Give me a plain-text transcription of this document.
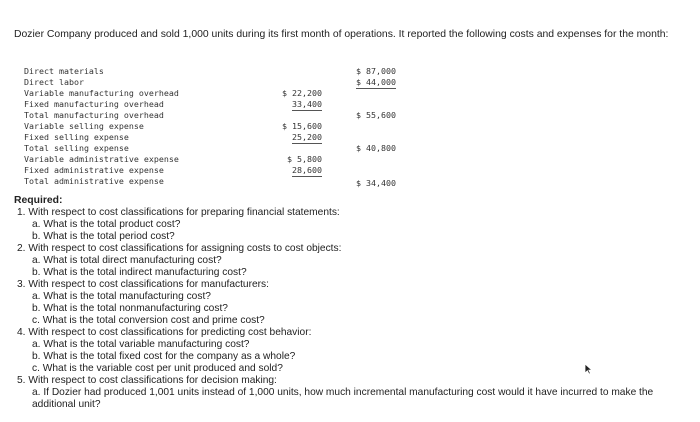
Dozier Company produced and sold 1,000 units during its first month of operations. It reported the following costs and expenses for the month:
Direct materials	$ 87,000
Direct labor	$ 44,000
Variable manufacturing overhead	$ 22,200
Fixed manufacturing overhead	33,400
Total manufacturing overhead	$ 55,600
Variable selling expense	$ 15,600
Fixed selling expense	25,200
Total selling expense	$ 40,800
Variable administrative expense	$ 5,800
Fixed administrative expense	28,600
Total administrative expense	$ 34,400
Required:
1. With respect to cost classifications for preparing financial statements:
a. What is the total product cost?
b. What is the total period cost?
2. With respect to cost classifications for assigning costs to cost objects:
a. What is total direct manufacturing cost?
b. What is the total indirect manufacturing cost?
3. With respect to cost classifications for manufacturers:
a. What is the total manufacturing cost?
b. What is the total nonmanufacturing cost?
c. What is the total conversion cost and prime cost?
4. With respect to cost classifications for predicting cost behavior:
a. What is the total variable manufacturing cost?
b. What is the total fixed cost for the company as a whole?
c. What is the variable cost per unit produced and sold?
5. With respect to cost classifications for decision making:
a. If Dozier had produced 1,001 units instead of 1,000 units, how much incremental manufacturing cost would it have incurred to make the additional unit?
